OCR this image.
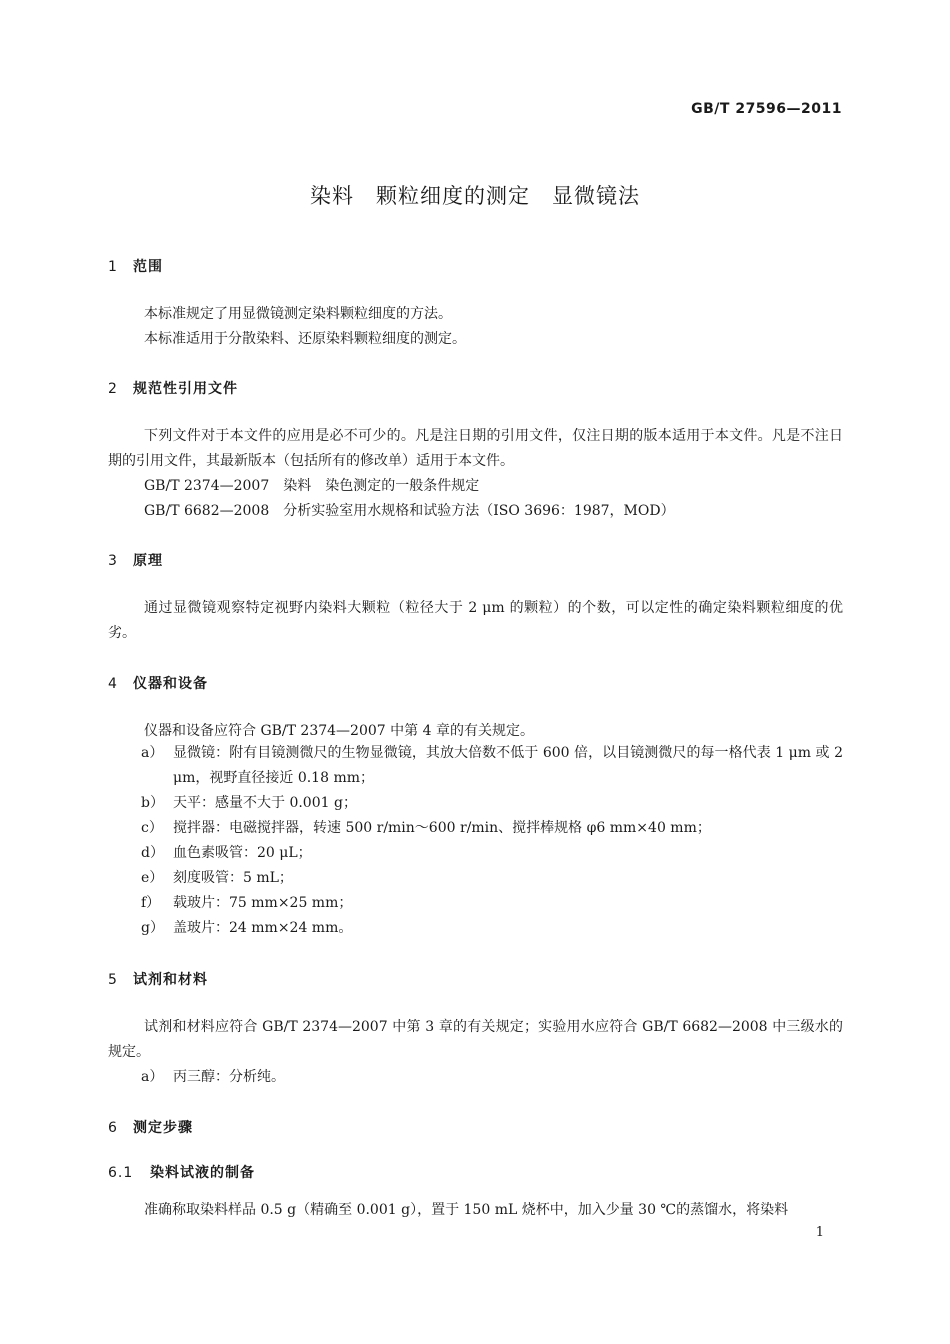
GB/T 27596—2011
染料　颗粒细度的测定　显微镜法
1 范围
本标准规定了用显微镜测定染料颗粒细度的方法。
本标准适用于分散染料、还原染料颗粒细度的测定。
2 规范性引用文件
下列文件对于本文件的应用是必不可少的。凡是注日期的引用文件，仅注日期的版本适用于本文件。凡是不注日期的引用文件，其最新版本（包括所有的修改单）适用于本文件。
GB/T 2374—2007　染料　染色测定的一般条件规定
GB/T 6682—2008　分析实验室用水规格和试验方法（ISO 3696：1987，MOD）
3 原理
通过显微镜观察特定视野内染料大颗粒（粒径大于 2 μm 的颗粒）的个数，可以定性的确定染料颗粒细度的优劣。
4 仪器和设备
仪器和设备应符合 GB/T 2374—2007 中第 4 章的有关规定。
a） 显微镜：附有目镜测微尺的生物显微镜，其放大倍数不低于 600 倍，以目镜测微尺的每一格代表 1 μm 或 2 μm，视野直径接近 0.18 mm；
b） 天平：感量不大于 0.001 g；
c） 搅拌器：电磁搅拌器，转速 500 r/min～600 r/min、搅拌棒规格 φ6 mm×40 mm；
d） 血色素吸管：20 μL；
e） 刻度吸管：5 mL；
f） 载玻片：75 mm×25 mm；
g） 盖玻片：24 mm×24 mm。
5 试剂和材料
试剂和材料应符合 GB/T 2374—2007 中第 3 章的有关规定；实验用水应符合 GB/T 6682—2008 中三级水的规定。
a） 丙三醇：分析纯。
6 测定步骤
6.1 染料试液的制备
准确称取染料样品 0.5 g（精确至 0.001 g），置于 150 mL 烧杯中，加入少量 30 ℃的蒸馏水，将染料
1
